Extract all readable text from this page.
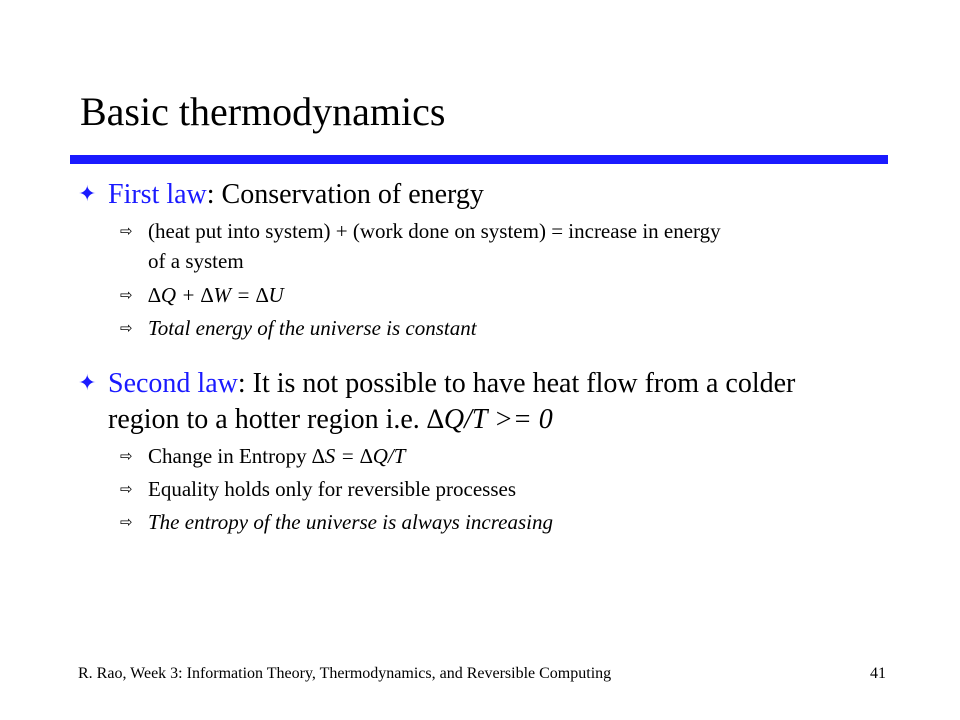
Basic thermodynamics
✦ First law: Conservation of energy
⇨ (heat put into system) + (work done on system) = increase in energy
of a system
⇨ ∆Q + ∆W = ∆U
⇨ Total energy of the universe is constant
✦ Second law: It is not possible to have heat flow from a colder
region to a hotter region i.e. ∆Q/T >= 0
⇨ Change in Entropy ∆S = ∆Q/T
⇨ Equality holds only for reversible processes
⇨ The entropy of the universe is always increasing
R. Rao, Week 3: Information Theory, Thermodynamics, and Reversible Computing	41
